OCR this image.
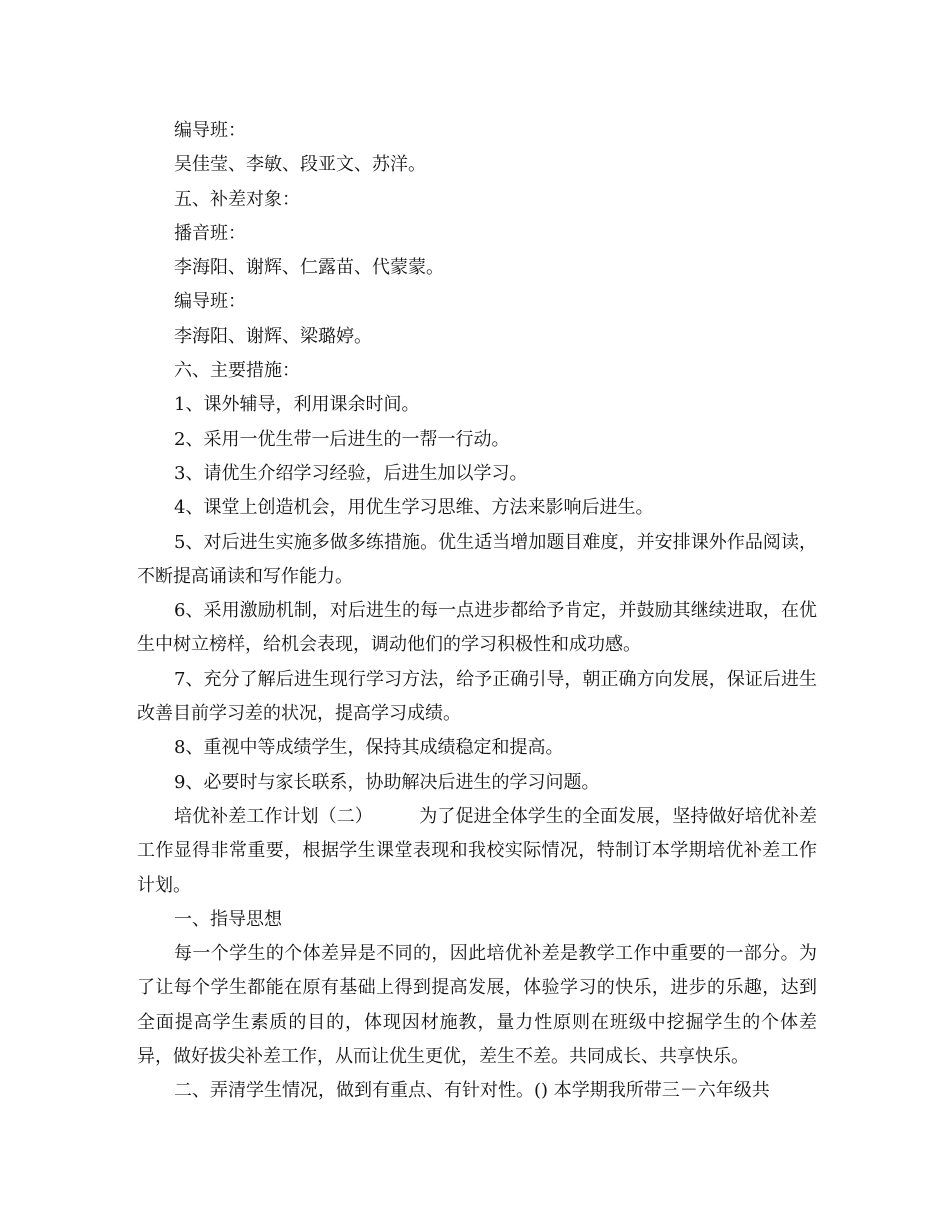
编导班：

吴佳莹、李敏、段亚文、苏洋。

五、补差对象：

播音班：

李海阳、谢辉、仁露苗、代蒙蒙。

编导班：

李海阳、谢辉、梁璐婷。

六、主要措施：

1、课外辅导，利用课余时间。

2、采用一优生带一后进生的一帮一行动。

3、请优生介绍学习经验，后进生加以学习。

4、课堂上创造机会，用优生学习思维、方法来影响后进生。

5、对后进生实施多做多练措施。优生适当增加题目难度，并安排课外作品阅读，不断提高诵读和写作能力。

6、采用激励机制，对后进生的每一点进步都给予肯定，并鼓励其继续进取，在优生中树立榜样，给机会表现，调动他们的学习积极性和成功感。

7、充分了解后进生现行学习方法，给予正确引导，朝正确方向发展，保证后进生改善目前学习差的状况，提高学习成绩。

8、重视中等成绩学生，保持其成绩稳定和提高。

9、必要时与家长联系，协助解决后进生的学习问题。

培优补差工作计划（二）        为了促进全体学生的全面发展，坚持做好培优补差工作显得非常重要，根据学生课堂表现和我校实际情况，特制订本学期培优补差工作计划。

一、指导思想

每一个学生的个体差异是不同的，因此培优补差是教学工作中重要的一部分。为了让每个学生都能在原有基础上得到提高发展，体验学习的快乐，进步的乐趣，达到全面提高学生素质的目的，体现因材施教，量力性原则在班级中挖掘学生的个体差异，做好拔尖补差工作，从而让优生更优，差生不差。共同成长、共享快乐。

二、弄清学生情况，做到有重点、有针对性。() 本学期我所带三－六年级共
